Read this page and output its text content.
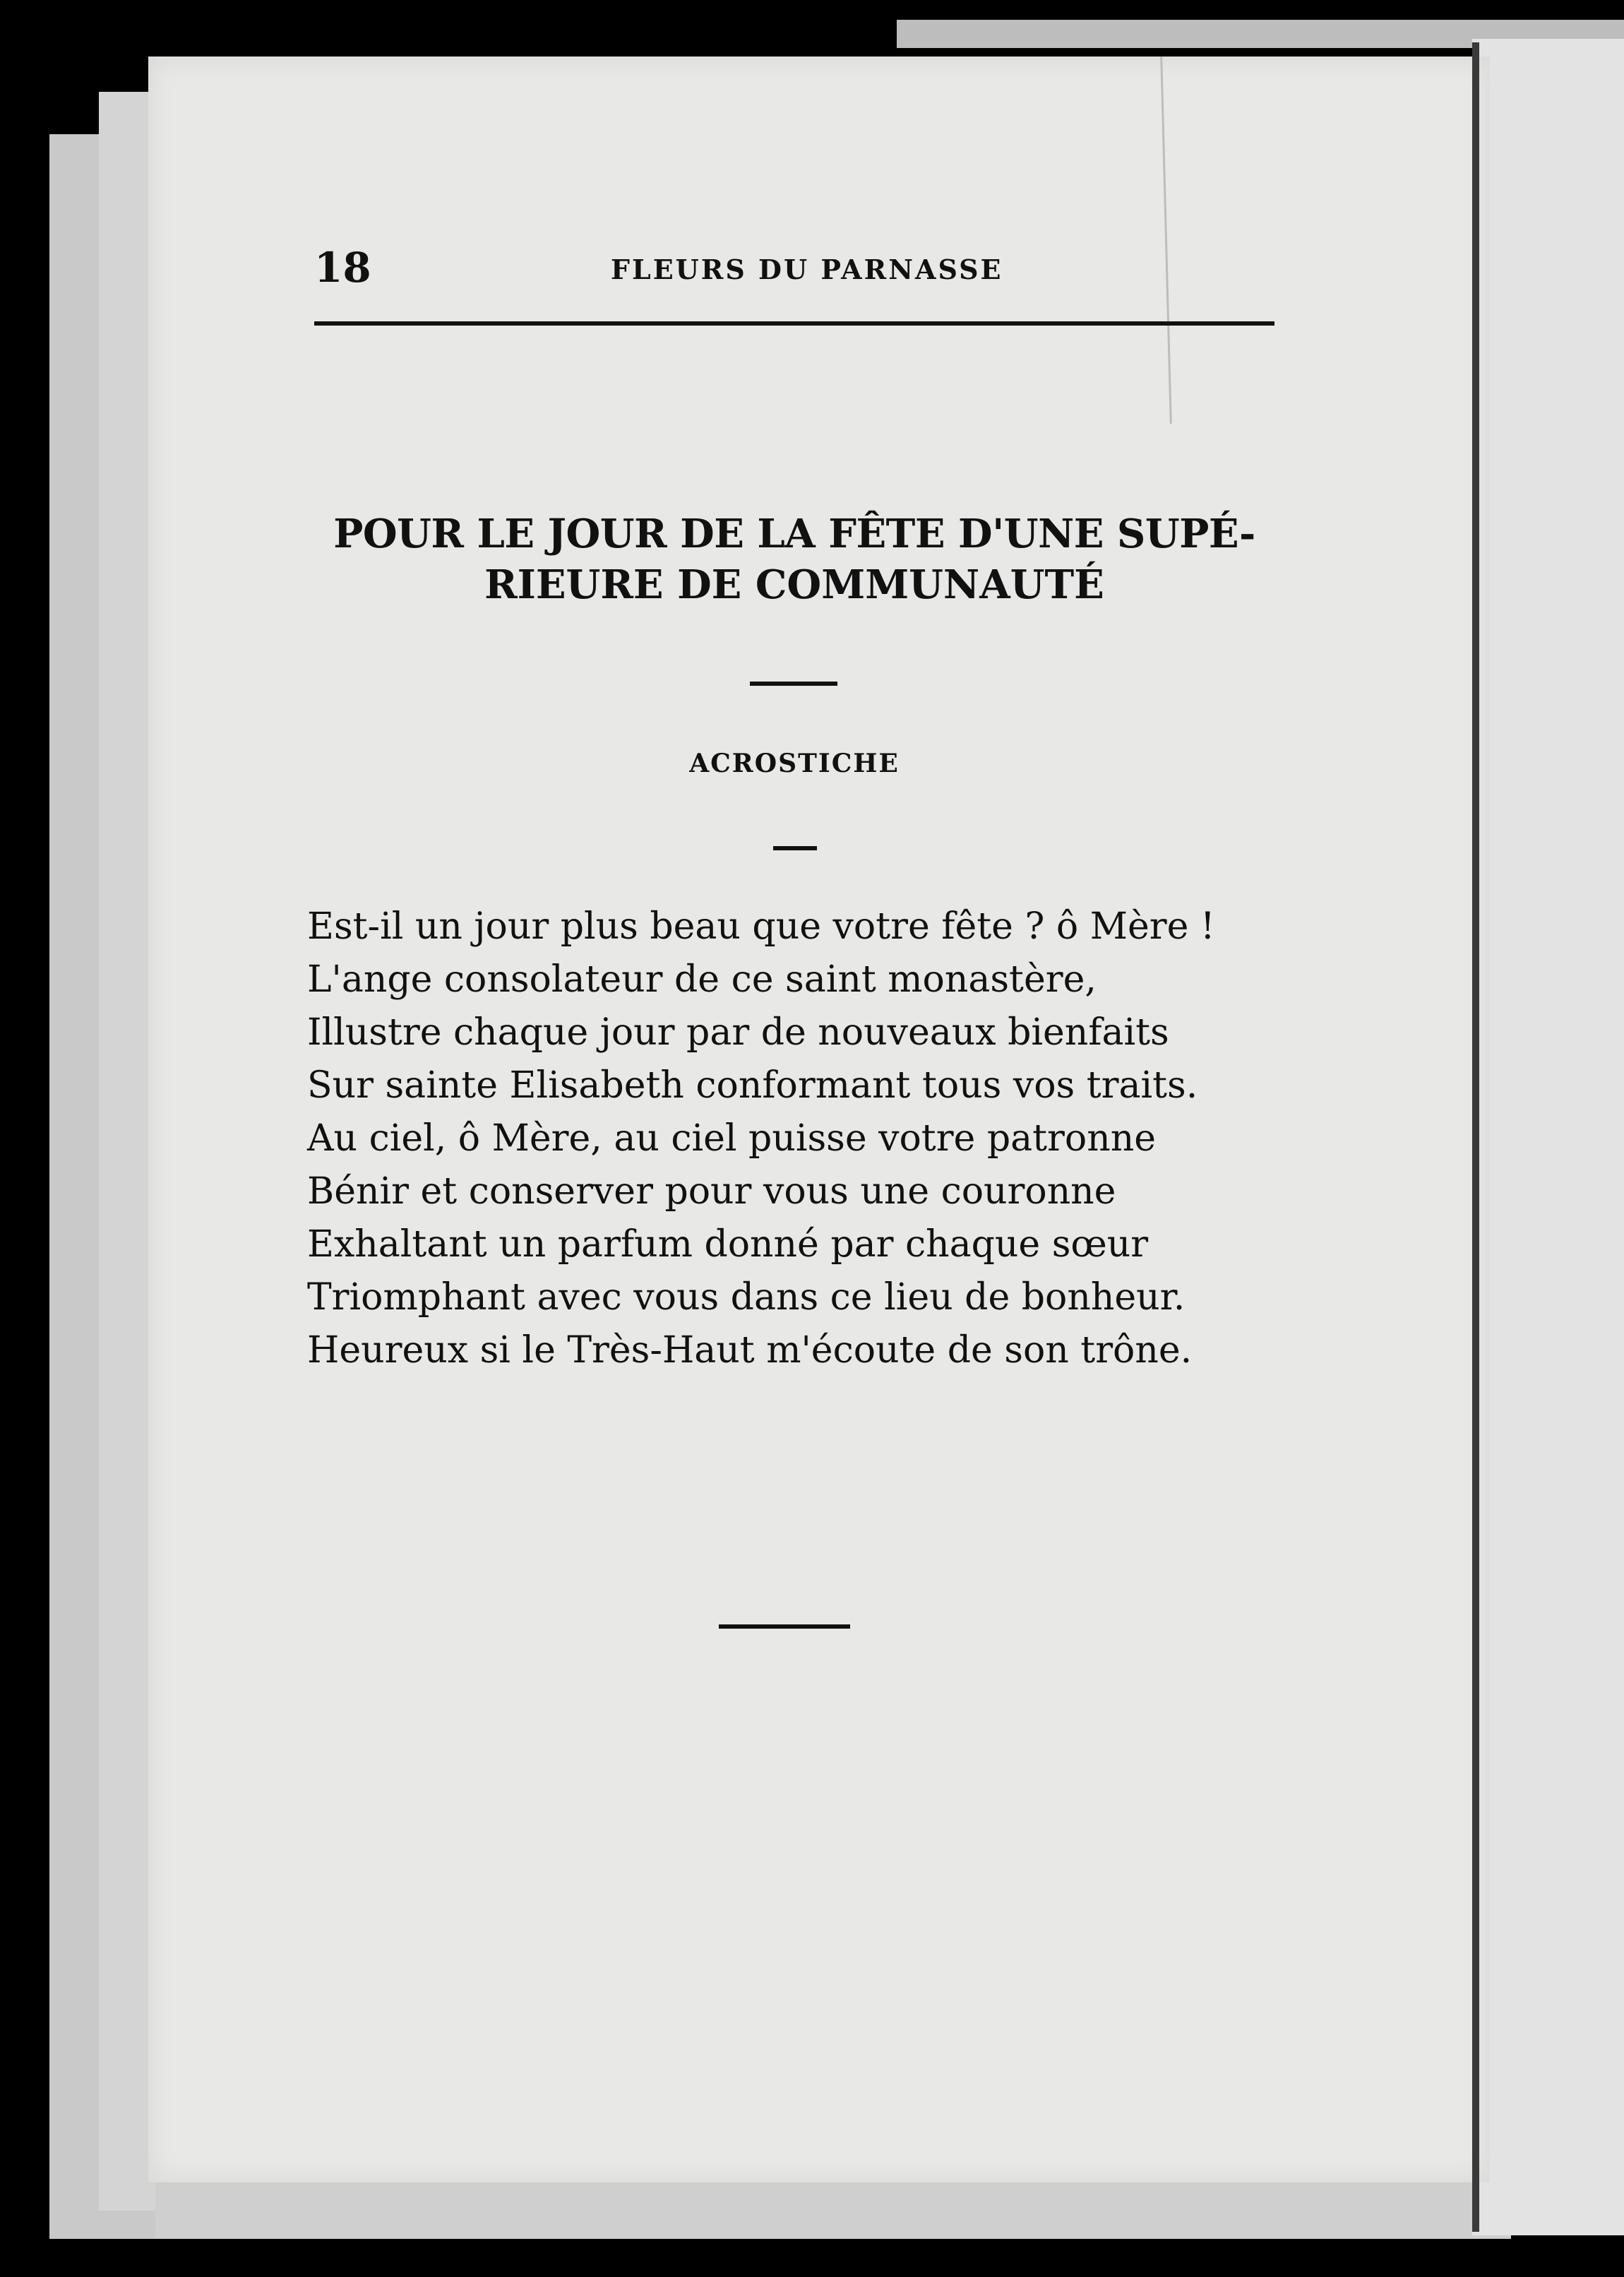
18	FLEURS DU PARNASSE
POUR LE JOUR DE LA FÊTE D'UNE SUPÉ-
RIEURE DE COMMUNAUTÉ
ACROSTICHE
Est-il un jour plus beau que votre fête ? ô Mère !
L'ange consolateur de ce saint monastère,
Illustre chaque jour par de nouveaux bienfaits
Sur sainte Elisabeth conformant tous vos traits.
Au ciel, ô Mère, au ciel puisse votre patronne
Bénir et conserver pour vous une couronne
Exhaltant un parfum donné par chaque sœur
Triomphant avec vous dans ce lieu de bonheur.
Heureux si le Très-Haut m'écoute de son trône.
